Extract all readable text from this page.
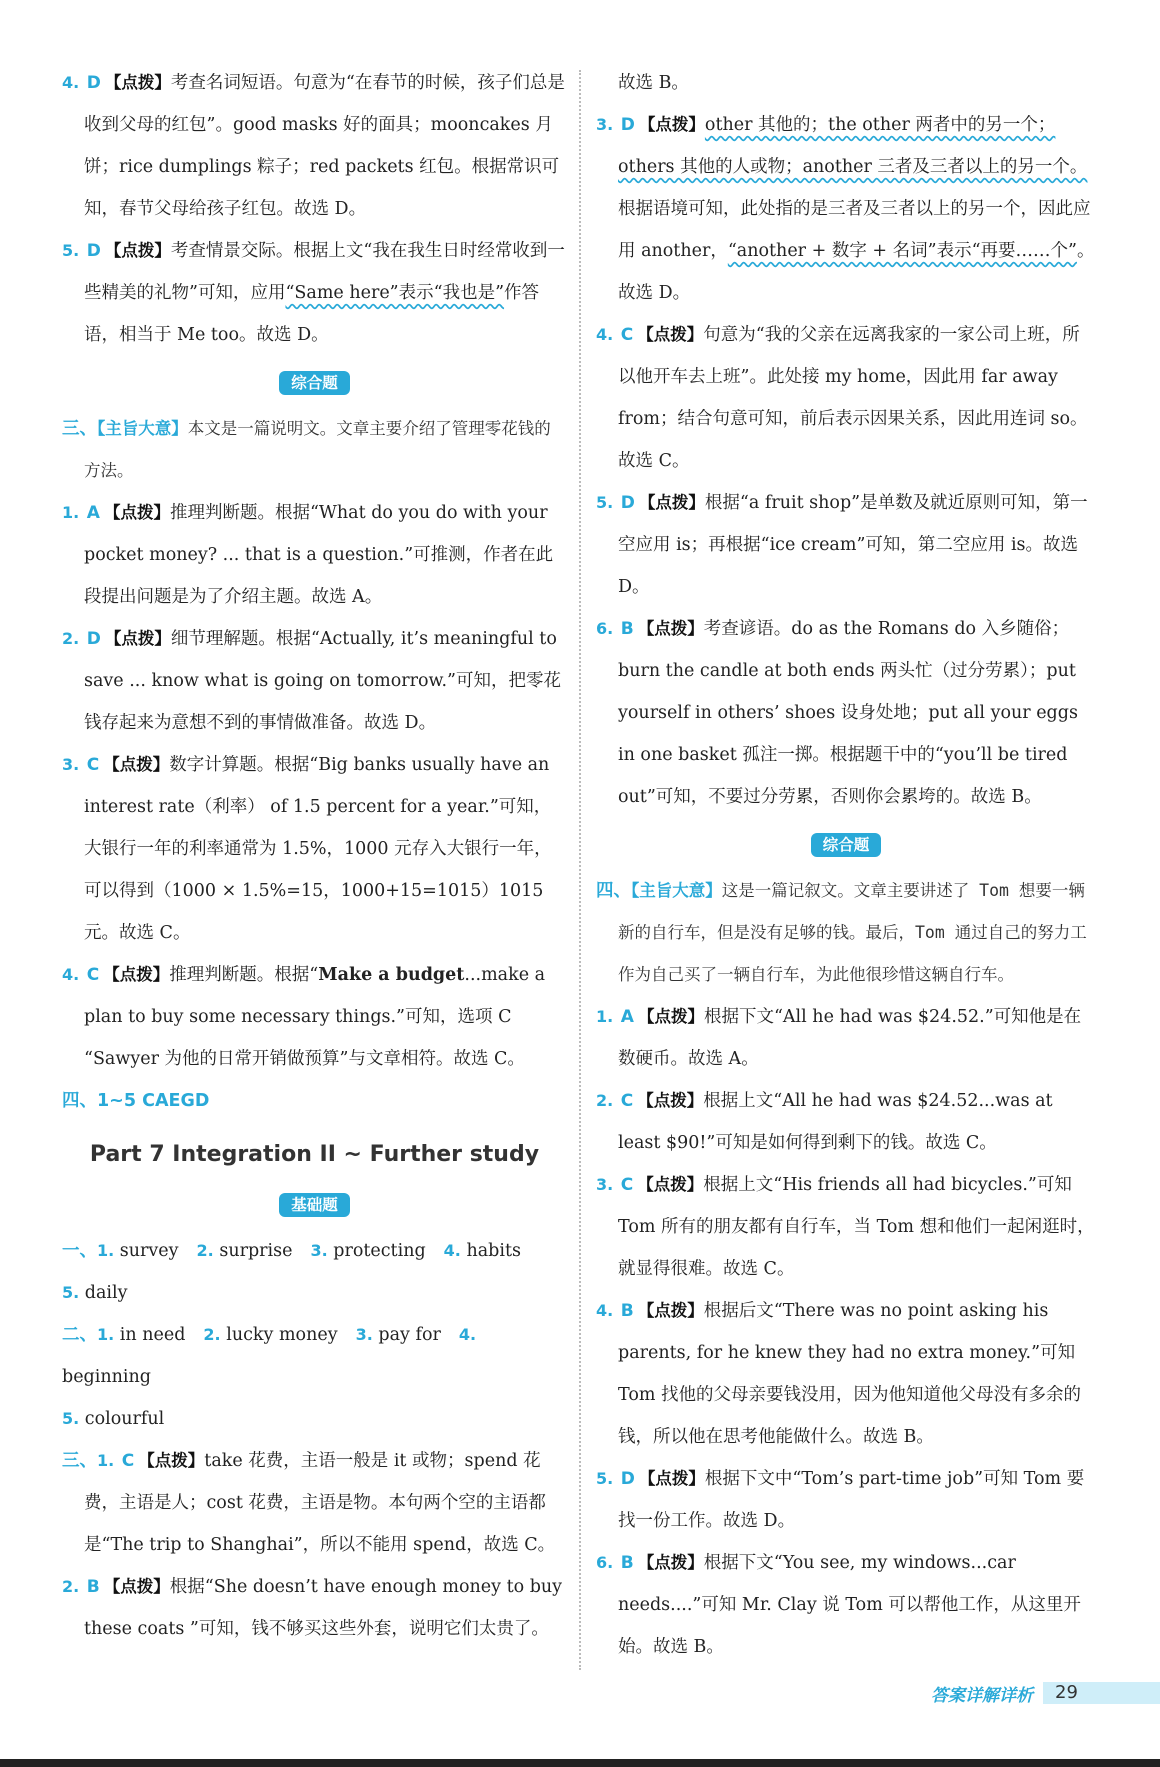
4. D 【点拨】考查名词短语。句意为“在春节的时候，孩子们总是收到父母的红包”。good masks 好的面具；mooncakes 月饼；rice dumplings 粽子；red packets 红包。根据常识可知，春节父母给孩子红包。故选 D。

5. D 【点拨】考查情景交际。根据上文“我在我生日时经常收到一些精美的礼物”可知，应用“Same here”表示“我也是”作答语，相当于 Me too。故选 D。

综合题

三、【主旨大意】本文是一篇说明文。文章主要介绍了管理零花钱的方法。

1. A 【点拨】推理判断题。根据“What do you do with your pocket money? ... that is a question.”可推测，作者在此段提出问题是为了介绍主题。故选 A。

2. D 【点拨】细节理解题。根据“Actually, it’s meaningful to save ... know what is going on tomorrow.”可知，把零花钱存起来为意想不到的事情做准备。故选 D。

3. C 【点拨】数字计算题。根据“Big banks usually have an interest rate（利率） of 1.5 percent for a year.”可知，大银行一年的利率通常为 1.5%，1000 元存入大银行一年，可以得到（1000 × 1.5%=15，1000+15=1015）1015 元。故选 C。

4. C 【点拨】推理判断题。根据“Make a budget...make a plan to buy some necessary things.”可知，选项 C “Sawyer 为他的日常开销做预算”与文章相符。故选 C。

四、1~5 CAEGD

Part 7 Integration II ~ Further study
基础题

一、1. survey 2. surprise 3. protecting 4. habits

5. daily

二、1. in need 2. lucky money 3. pay for 4. beginning

5. colourful

三、1. C 【点拨】take 花费，主语一般是 it 或物；spend 花费，主语是人；cost 花费，主语是物。本句两个空的主语都是“The trip to Shanghai”，所以不能用 spend，故选 C。

2. B 【点拨】根据“She doesn’t have enough money to buy these coats ”可知，钱不够买这些外套，说明它们太贵了。

故选 B。

3. D 【点拨】other 其他的；the other 两者中的另一个；others 其他的人或物；another 三者及三者以上的另一个。根据语境可知，此处指的是三者及三者以上的另一个，因此应用 another，“another + 数字 + 名词”表示“再要……个”。故选 D。

4. C 【点拨】句意为“我的父亲在远离我家的一家公司上班，所以他开车去上班”。此处接 my home，因此用 far away from；结合句意可知，前后表示因果关系，因此用连词 so。故选 C。

5. D 【点拨】根据“a fruit shop”是单数及就近原则可知，第一空应用 is；再根据“ice cream”可知，第二空应用 is。故选 D。

6. B 【点拨】考查谚语。do as the Romans do 入乡随俗；burn the candle at both ends 两头忙（过分劳累）；put yourself in others’ shoes 设身处地；put all your eggs in one basket 孤注一掷。根据题干中的“you’ll be tired out”可知，不要过分劳累，否则你会累垮的。故选 B。

综合题

四、【主旨大意】这是一篇记叙文。文章主要讲述了 Tom 想要一辆新的自行车，但是没有足够的钱。最后，Tom 通过自己的努力工作为自己买了一辆自行车，为此他很珍惜这辆自行车。

1. A 【点拨】根据下文“All he had was $24.52.”可知他是在数硬币。故选 A。

2. C 【点拨】根据上文“All he had was $24.52...was at least $90!”可知是如何得到剩下的钱。故选 C。

3. C 【点拨】根据上文“His friends all had bicycles.”可知 Tom 所有的朋友都有自行车，当 Tom 想和他们一起闲逛时，就显得很难。故选 C。

4. B 【点拨】根据后文“There was no point asking his parents, for he knew they had no extra money.”可知 Tom 找他的父母亲要钱没用，因为他知道他父母没有多余的钱，所以他在思考他能做什么。故选 B。

5. D 【点拨】根据下文中“Tom’s part-time job”可知 Tom 要找一份工作。故选 D。

6. B 【点拨】根据下文“You see, my windows...car needs....”可知 Mr. Clay 说 Tom 可以帮他工作，从这里开始。故选 B。

答案详解详析	29
